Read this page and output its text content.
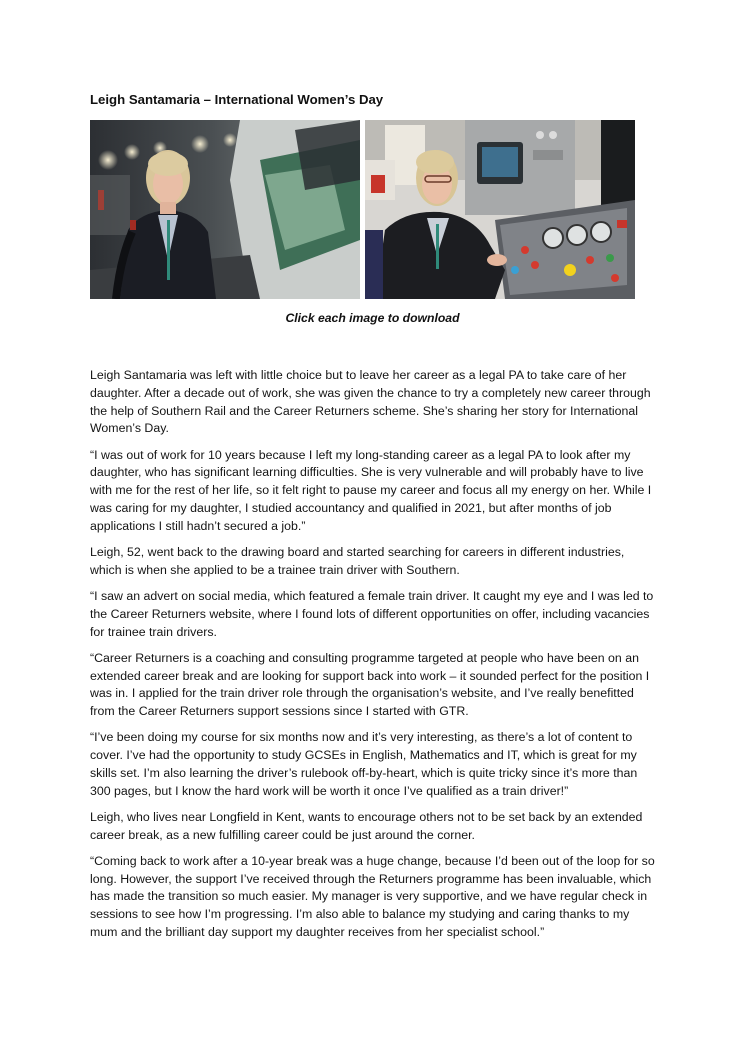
Leigh Santamaria – International Women’s Day

Click each image to download

Leigh Santamaria was left with little choice but to leave her career as a legal PA to take care of her daughter. After a decade out of work, she was given the chance to try a completely new career through the help of Southern Rail and the Career Returners scheme. She’s sharing her story for International Women’s Day.

“I was out of work for 10 years because I left my long-standing career as a legal PA to look after my daughter, who has significant learning difficulties. She is very vulnerable and will probably have to live with me for the rest of her life, so it felt right to pause my career and focus all my energy on her. While I was caring for my daughter, I studied accountancy and qualified in 2021, but after months of job applications I still hadn’t secured a job.”

Leigh, 52, went back to the drawing board and started searching for careers in different industries, which is when she applied to be a trainee train driver with Southern.

“I saw an advert on social media, which featured a female train driver. It caught my eye and I was led to the Career Returners website, where I found lots of different opportunities on offer, including vacancies for trainee train drivers.

“Career Returners is a coaching and consulting programme targeted at people who have been on an extended career break and are looking for support back into work – it sounded perfect for the position I was in. I applied for the train driver role through the organisation’s website, and I’ve really benefitted from the Career Returners support sessions since I started with GTR.

“I’ve been doing my course for six months now and it’s very interesting, as there’s a lot of content to cover. I’ve had the opportunity to study GCSEs in English, Mathematics and IT, which is great for my skills set. I’m also learning the driver’s rulebook off-by-heart, which is quite tricky since it’s more than 300 pages, but I know the hard work will be worth it once I’ve qualified as a train driver!”

Leigh, who lives near Longfield in Kent, wants to encourage others not to be set back by an extended career break, as a new fulfilling career could be just around the corner.

“Coming back to work after a 10-year break was a huge change, because I’d been out of the loop for so long. However, the support I’ve received through the Returners programme has been invaluable, which has made the transition so much easier. My manager is very supportive, and we have regular check in sessions to see how I’m progressing. I’m also able to balance my studying and caring thanks to my mum and the brilliant day support my daughter receives from her specialist school.”
